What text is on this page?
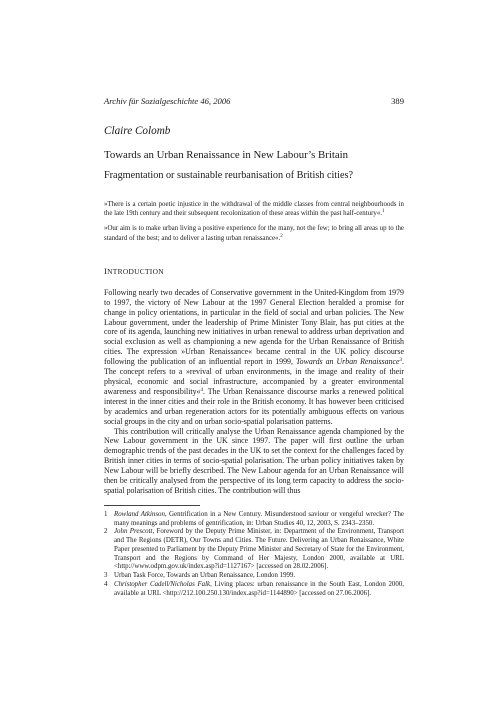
Archiv für Sozialgeschichte 46, 2006	389
Claire Colomb
Towards an Urban Renaissance in New Labour’s Britain
Fragmentation or sustainable reurbanisation of British cities?
»There is a certain poetic injustice in the withdrawal of the middle classes from central neighbourhoods in the late 19th century and their subsequent recolonization of these areas within the past half-century«.$^1$
»Our aim is to make urban living a positive experience for the many, not the few; to bring all areas up to the standard of the best; and to deliver a lasting urban renaissance«.$^2$
INTRODUCTION

Following nearly two decades of Conservative government in the United-Kingdom from 1979 to 1997, the victory of New Labour at the 1997 General Election heralded a promise for change in policy orientations, in particular in the field of social and urban policies. The New Labour government, under the leadership of Prime Minister Tony Blair, has put cities at the core of its agenda, launching new initiatives in urban renewal to address urban deprivation and social exclusion as well as championing a new agenda for the Urban Renaissance of British cities. The expression »Urban Renaissance« became central in the UK policy discourse following the publication of an influential report in 1999, Towards an Urban Renaissance$^3$. The concept refers to a »revival of urban environments, in the image and reality of their physical, economic and social infrastructure, accompanied by a greater environmental awareness and responsibility«$^4$. The Urban Renaissance discourse marks a renewed political interest in the inner cities and their role in the British economy. It has however been criticised by academics and urban regeneration actors for its potentially ambiguous effects on various social groups in the city and on urban socio-spatial polarisation patterns.

This contribution will critically analyse the Urban Renaissance agenda championed by the New Labour government in the UK since 1997. The paper will first outline the urban demographic trends of the past decades in the UK to set the context for the challenges faced by British inner cities in terms of socio-spatial polarisation. The urban policy initiatives taken by New Labour will be briefly described. The New Labour agenda for an Urban Renaissance will then be critically analysed from the perspective of its long term capacity to address the socio-spatial polarisation of British cities. The contribution will thus

1 Rowland Atkinson, Gentrification in a New Century. Misunderstood saviour or vengeful wrecker? The many meanings and problems of gentrification, in: Urban Studies 40, 12, 2003, S. 2343–2350.
2 John Prescott, Foreword by the Deputy Prime Minister, in: Department of the Environment, Transport and The Regions (DETR), Our Towns and Cities. The Future. Delivering an Urban Renaissance, White Paper presented to Parliament by the Deputy Prime Minister and Secretary of State for the Environment, Transport and the Regions by Command of Her Majesty, London 2000, available at URL <http://www.odpm.gov.uk/index.asp?id=1127167> [accessed on 28.02.2006].
3 Urban Task Force, Towards an Urban Renaissance, London 1999.
4 Christopher Cadell/Nicholas Falk, Living places: urban renaissance in the South East, London 2000, available at URL <http://212.100.250.130/index.asp?id=1144890> [accessed on 27.06.2006].
